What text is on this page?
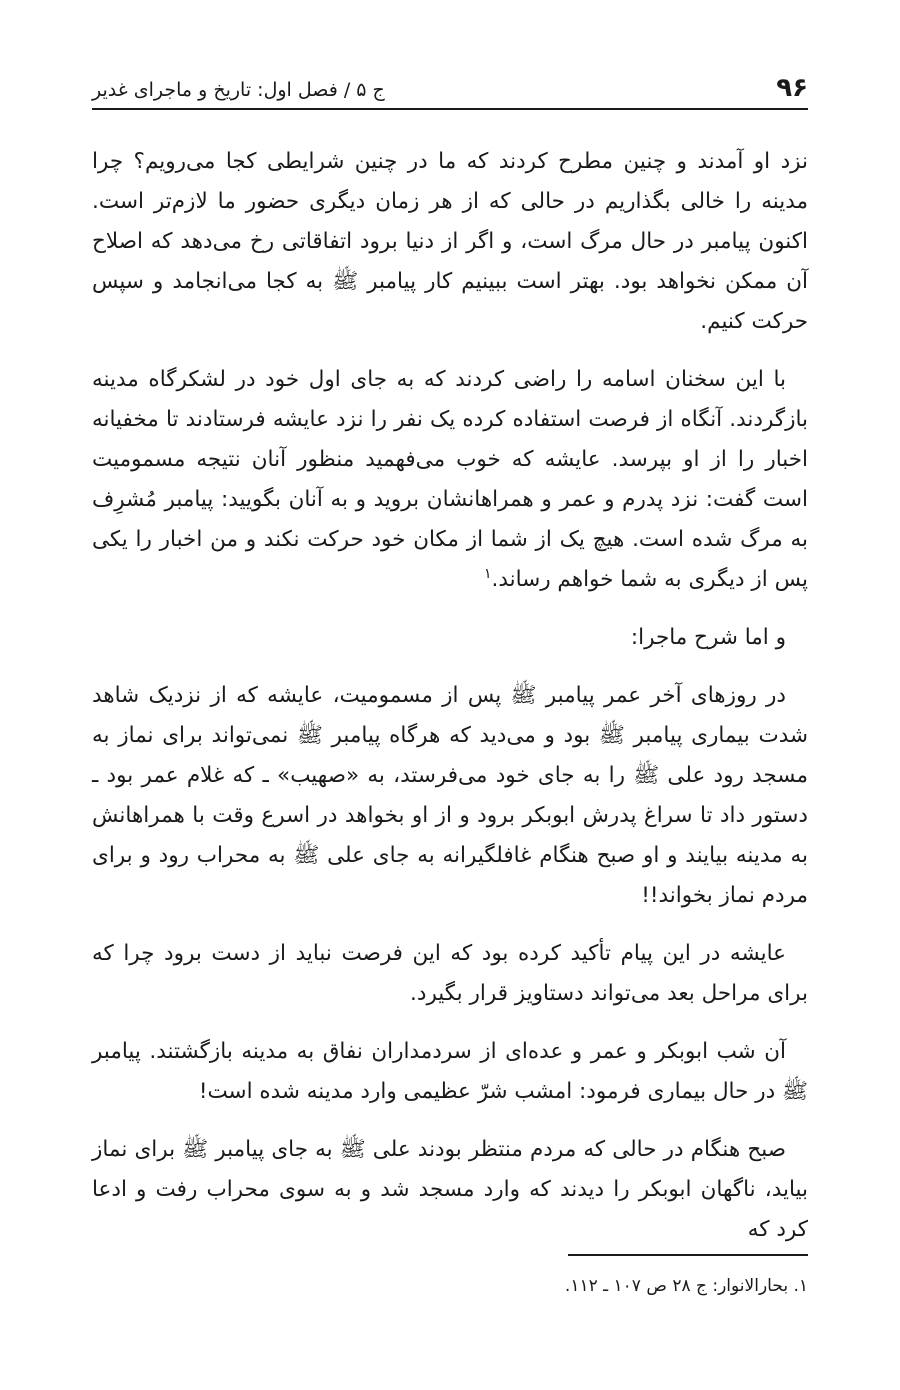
۹۶
ج ۵ / فصل اول: تاریخ و ماجرای غدیر

نزد او آمدند و چنین مطرح کردند که ما در چنین شرایطی کجا می‌رویم؟ چرا مدینه را خالی بگذاریم در حالی که از هر زمان دیگری حضور ما لازم‌تر است. اکنون پیامبر در حال مرگ است، و اگر از دنیا برود اتفاقاتی رخ می‌دهد که اصلاح آن ممکن نخواهد بود. بهتر است ببینیم کار پیامبر ﷺ به کجا می‌انجامد و سپس حرکت کنیم.

با این سخنان اسامه را راضی کردند که به جای اول خود در لشکرگاه مدینه بازگردند. آنگاه از فرصت استفاده کرده یک نفر را نزد عایشه فرستادند تا مخفیانه اخبار را از او بپرسد. عایشه که خوب می‌فهمید منظور آنان نتیجه مسمومیت است گفت: نزد پدرم و عمر و همراهانشان بروید و به آنان بگویید: پیامبر مُشرِف به مرگ شده است. هیچ یک از شما از مکان خود حرکت نکند و من اخبار را یکی پس از دیگری به شما خواهم رساند.$^۱$

و اما شرح ماجرا:

در روزهای آخر عمر پیامبر ﷺ پس از مسمومیت، عایشه که از نزدیک شاهد شدت بیماری پیامبر ﷺ بود و می‌دید که هرگاه پیامبر ﷺ نمی‌تواند برای نماز به مسجد رود علی ﷺ را به جای خود می‌فرستد، به «صهیب» ـ که غلام عمر بود ـ دستور داد تا سراغ پدرش ابوبکر برود و از او بخواهد در اسرع وقت با همراهانش به مدینه بیایند و او صبح هنگام غافلگیرانه به جای علی ﷺ به محراب رود و برای مردم نماز بخواند!!

عایشه در این پیام تأکید کرده بود که این فرصت نباید از دست برود چرا که برای مراحل بعد می‌تواند دستاویز قرار بگیرد.

آن شب ابوبکر و عمر و عده‌ای از سردمداران نفاق به مدینه بازگشتند. پیامبر ﷺ در حال بیماری فرمود: امشب شرّ عظیمی وارد مدینه شده است!

صبح هنگام در حالی که مردم منتظر بودند علی ﷺ به جای پیامبر ﷺ برای نماز بیاید، ناگهان ابوبکر را دیدند که وارد مسجد شد و به سوی محراب رفت و ادعا کرد که

۱. بحارالانوار: ج ۲۸ ص ۱۰۷ ـ ۱۱۲.
